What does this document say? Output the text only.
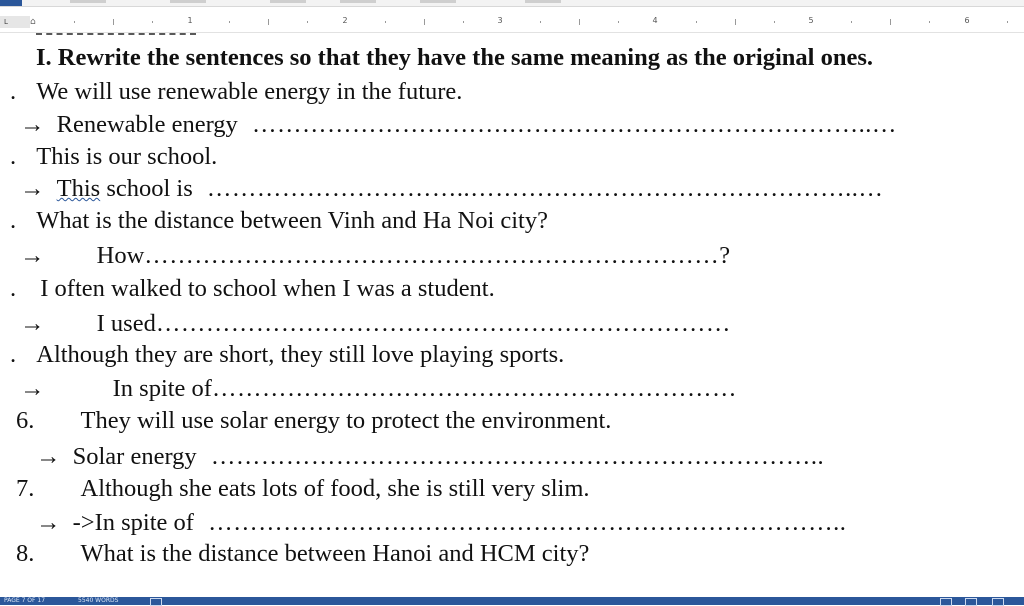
L ⌂	1	2	3	4	5	6
I. Rewrite the sentences so that they have the same meaning as the original ones.
. We will use renewable energy in the future.
→ Renewable energy ………………………….……………………………………..…
. This is our school.
→ This school is …………………………..………………………………………..…
. What is the distance between Vinh and Ha Noi city?
→ How……………………………………………………………?
. I often walked to school when I was a student.
→ I used……………………………………………………………
. Although they are short, they still love playing sports.
→	In spite of………………………………………………………
6. They will use solar energy to protect the environment.
→ Solar energy ………………………………………………………………..
7. Although she eats lots of food, she is still very slim.
→ ->In spite of …………………………………………………………………..
8. What is the distance between Hanoi and HCM city?
PAGE 7 OF 17	5540 WORDS
